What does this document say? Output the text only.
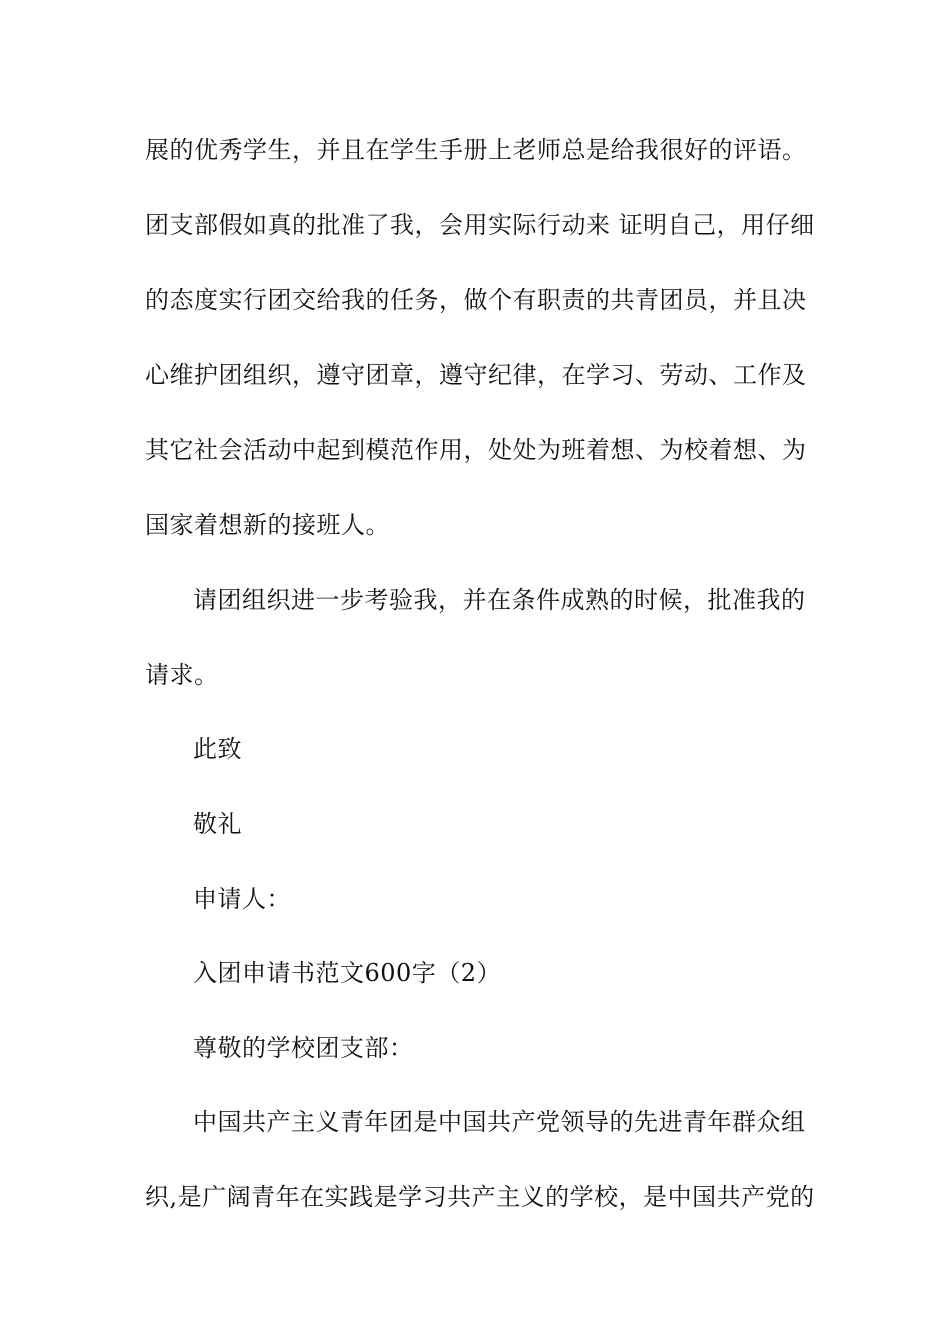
展的优秀学生，并且在学生手册上老师总是给我很好的评语。
团支部假如真的批准了我，会用实际行动来 证明自己，用仔细
的态度实行团交给我的任务，做个有职责的共青团员，并且决
心维护团组织，遵守团章，遵守纪律，在学习、劳动、工作及
其它社会活动中起到模范作用，处处为班着想、为校着想、为
国家着想新的接班人。
请团组织进一步考验我，并在条件成熟的时候，批准我的
请求。
此致
敬礼
申请人：
入团申请书范文600字（2）
尊敬的学校团支部：
中国共产主义青年团是中国共产党领导的先进青年群众组
织,是广阔青年在实践是学习共产主义的学校，是中国共产党的
